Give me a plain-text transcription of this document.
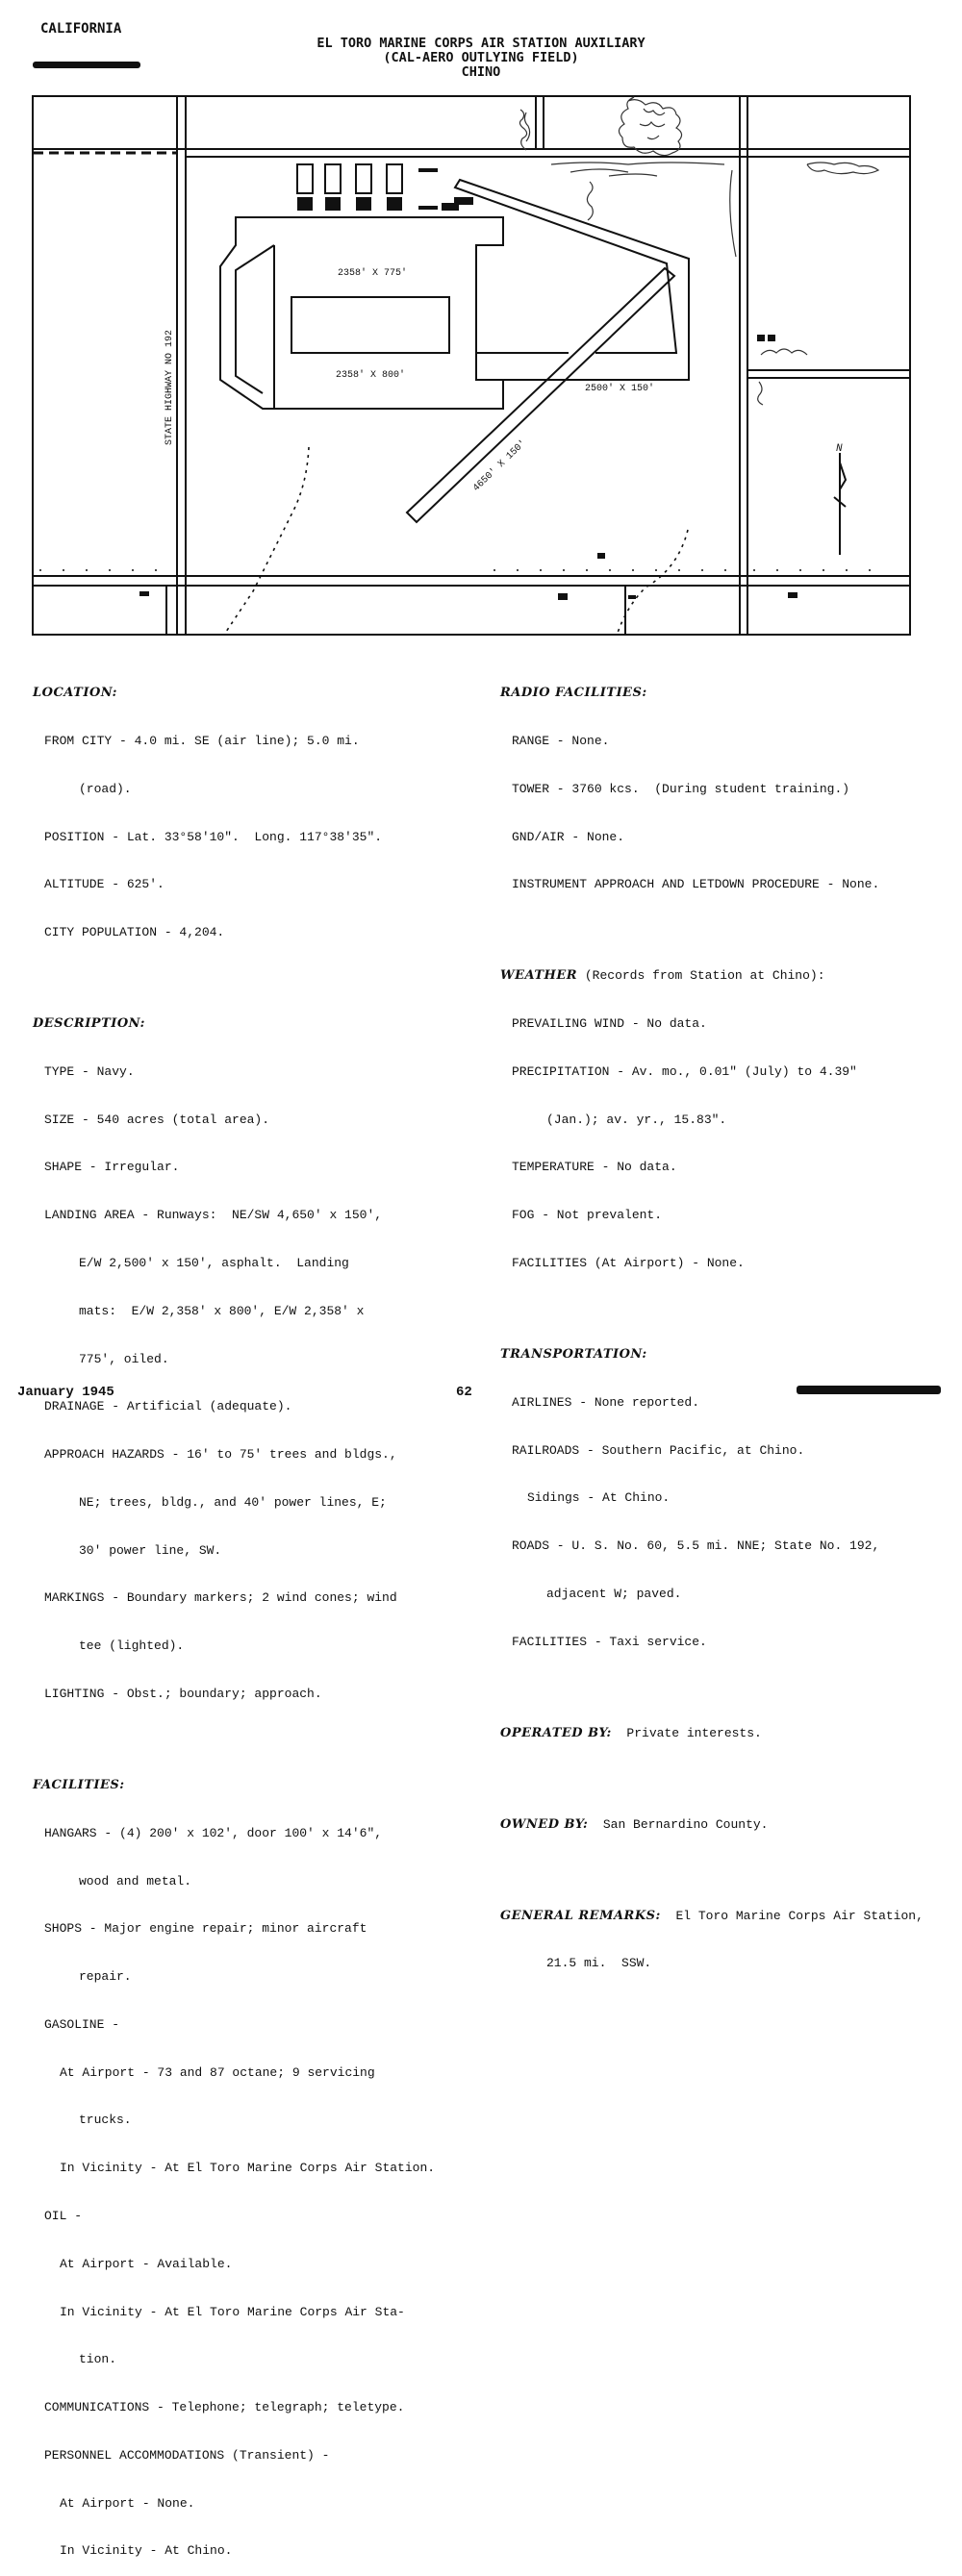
CALIFORNIA
EL TORO MARINE CORPS AIR STATION AUXILIARY
(CAL-AERO OUTLYING FIELD)
CHINO
STATE HIGHWAY NO 192
2358' X 775'
2358' X 800'
2500' X 150'
4650' X 150'	N

LOCATION:

FROM CITY - 4.0 mi. SE (air line); 5.0 mi.

(road).

POSITION - Lat. 33°58'10".  Long. 117°38'35".

ALTITUDE - 625'.

CITY POPULATION - 4,204.

DESCRIPTION:

TYPE - Navy.

SIZE - 540 acres (total area).

SHAPE - Irregular.

LANDING AREA - Runways:  NE/SW 4,650' x 150',

E/W 2,500' x 150', asphalt.  Landing

mats:  E/W 2,358' x 800', E/W 2,358' x

775', oiled.

DRAINAGE - Artificial (adequate).

APPROACH HAZARDS - 16' to 75' trees and bldgs.,

NE; trees, bldg., and 40' power lines, E;

30' power line, SW.

MARKINGS - Boundary markers; 2 wind cones; wind

tee (lighted).

LIGHTING - Obst.; boundary; approach.

FACILITIES:

HANGARS - (4) 200' x 102', door 100' x 14'6",

wood and metal.

SHOPS - Major engine repair; minor aircraft

repair.

GASOLINE -

At Airport - 73 and 87 octane; 9 servicing

trucks.

In Vicinity - At El Toro Marine Corps Air Station.

OIL -

At Airport - Available.

In Vicinity - At El Toro Marine Corps Air Sta-

tion.

COMMUNICATIONS - Telephone; telegraph; teletype.

PERSONNEL ACCOMMODATIONS (Transient) -

At Airport - None.

In Vicinity - At Chino.

RADIO FACILITIES:

RANGE - None.

TOWER - 3760 kcs.  (During student training.)

GND/AIR - None.

INSTRUMENT APPROACH AND LETDOWN PROCEDURE - None.

WEATHER (Records from Station at Chino):

PREVAILING WIND - No data.

PRECIPITATION - Av. mo., 0.01" (July) to 4.39"

(Jan.); av. yr., 15.83".

TEMPERATURE - No data.

FOG - Not prevalent.

FACILITIES (At Airport) - None.

TRANSPORTATION:

AIRLINES - None reported.

RAILROADS - Southern Pacific, at Chino.

Sidings - At Chino.

ROADS - U. S. No. 60, 5.5 mi. NNE; State No. 192,

adjacent W; paved.

FACILITIES - Taxi service.

OPERATED BY:  Private interests.

OWNED BY:  San Bernardino County.

GENERAL REMARKS:  El Toro Marine Corps Air Station,

21.5 mi.  SSW.

January 1945	62
